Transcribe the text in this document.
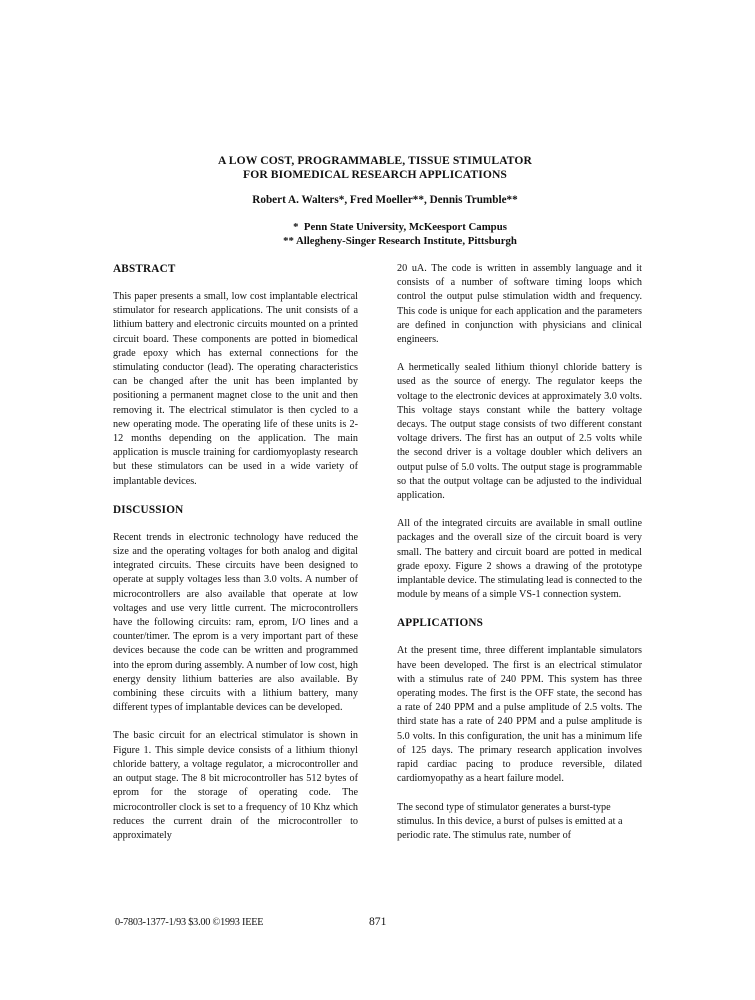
A LOW COST, PROGRAMMABLE, TISSUE STIMULATOR
FOR BIOMEDICAL RESEARCH APPLICATIONS
Robert A. Walters*, Fred Moeller**, Dennis Trumble**
*  Penn State University, McKeesport Campus
** Allegheny-Singer Research Institute, Pittsburgh
ABSTRACT

This paper presents a small, low cost implantable electrical stimulator for research applications. The unit consists of a lithium battery and electronic circuits mounted on a printed circuit board. These components are potted in biomedical grade epoxy which has external connections for the stimulating conductor (lead). The operating characteristics can be changed after the unit has been implanted by positioning a permanent magnet close to the unit and then removing it. The electrical stimulator is then cycled to a new operating mode. The operating life of these units is 2-12 months depending on the application. The main application is muscle training for cardiomyoplasty research but these stimulators can be used in a wide variety of implantable devices.

DISCUSSION

Recent trends in electronic technology have reduced the size and the operating voltages for both analog and digital integrated circuits. These circuits have been designed to operate at supply voltages less than 3.0 volts. A number of microcontrollers are also available that operate at low voltages and use very little current. The microcontrollers have the following circuits: ram, eprom, I/O lines and a counter/timer. The eprom is a very important part of these devices because the code can be written and programmed into the eprom during assembly. A number of low cost, high energy density lithium batteries are also available. By combining these circuits with a lithium battery, many different types of implantable devices can be developed.

The basic circuit for an electrical stimulator is shown in Figure 1. This simple device consists of a lithium thionyl chloride battery, a voltage regulator, a microcontroller and an output stage. The 8 bit microcontroller has 512 bytes of eprom for the storage of operating code. The microcontroller clock is set to a frequency of 10 Khz which reduces the current drain of the microcontroller to approximately

20 uA. The code is written in assembly language and it consists of a number of software timing loops which control the output pulse stimulation width and frequency. This code is unique for each application and the parameters are defined in conjunction with physicians and clinical engineers.

A hermetically sealed lithium thionyl chloride battery is used as the source of energy. The regulator keeps the voltage to the electronic devices at approximately 3.0 volts. This voltage stays constant while the battery voltage decays. The output stage consists of two different constant voltage drivers. The first has an output of 2.5 volts while the second driver is a voltage doubler which delivers an output pulse of 5.0 volts. The output stage is programmable so that the output voltage can be adjusted to the individual application.

All of the integrated circuits are available in small outline packages and the overall size of the circuit board is very small. The battery and circuit board are potted in medical grade epoxy. Figure 2 shows a drawing of the prototype implantable device. The stimulating lead is connected to the module by means of a simple VS-1 connection system.

APPLICATIONS

At the present time, three different implantable simulators have been developed. The first is an electrical stimulator with a stimulus rate of 240 PPM. This system has three operating modes. The first is the OFF state, the second has a rate of 240 PPM and a pulse amplitude of 2.5 volts. The third state has a rate of 240 PPM and a pulse amplitude is 5.0 volts. In this configuration, the unit has a minimum life of 125 days. The primary research application involves rapid cardiac pacing to produce reversible, dilated cardiomyopathy as a heart failure model.

The second type of stimulator generates a burst-type stimulus. In this device, a burst of pulses is emitted at a periodic rate. The stimulus rate, number of

0-7803-1377-1/93 $3.00 ©1993 IEEE	871
